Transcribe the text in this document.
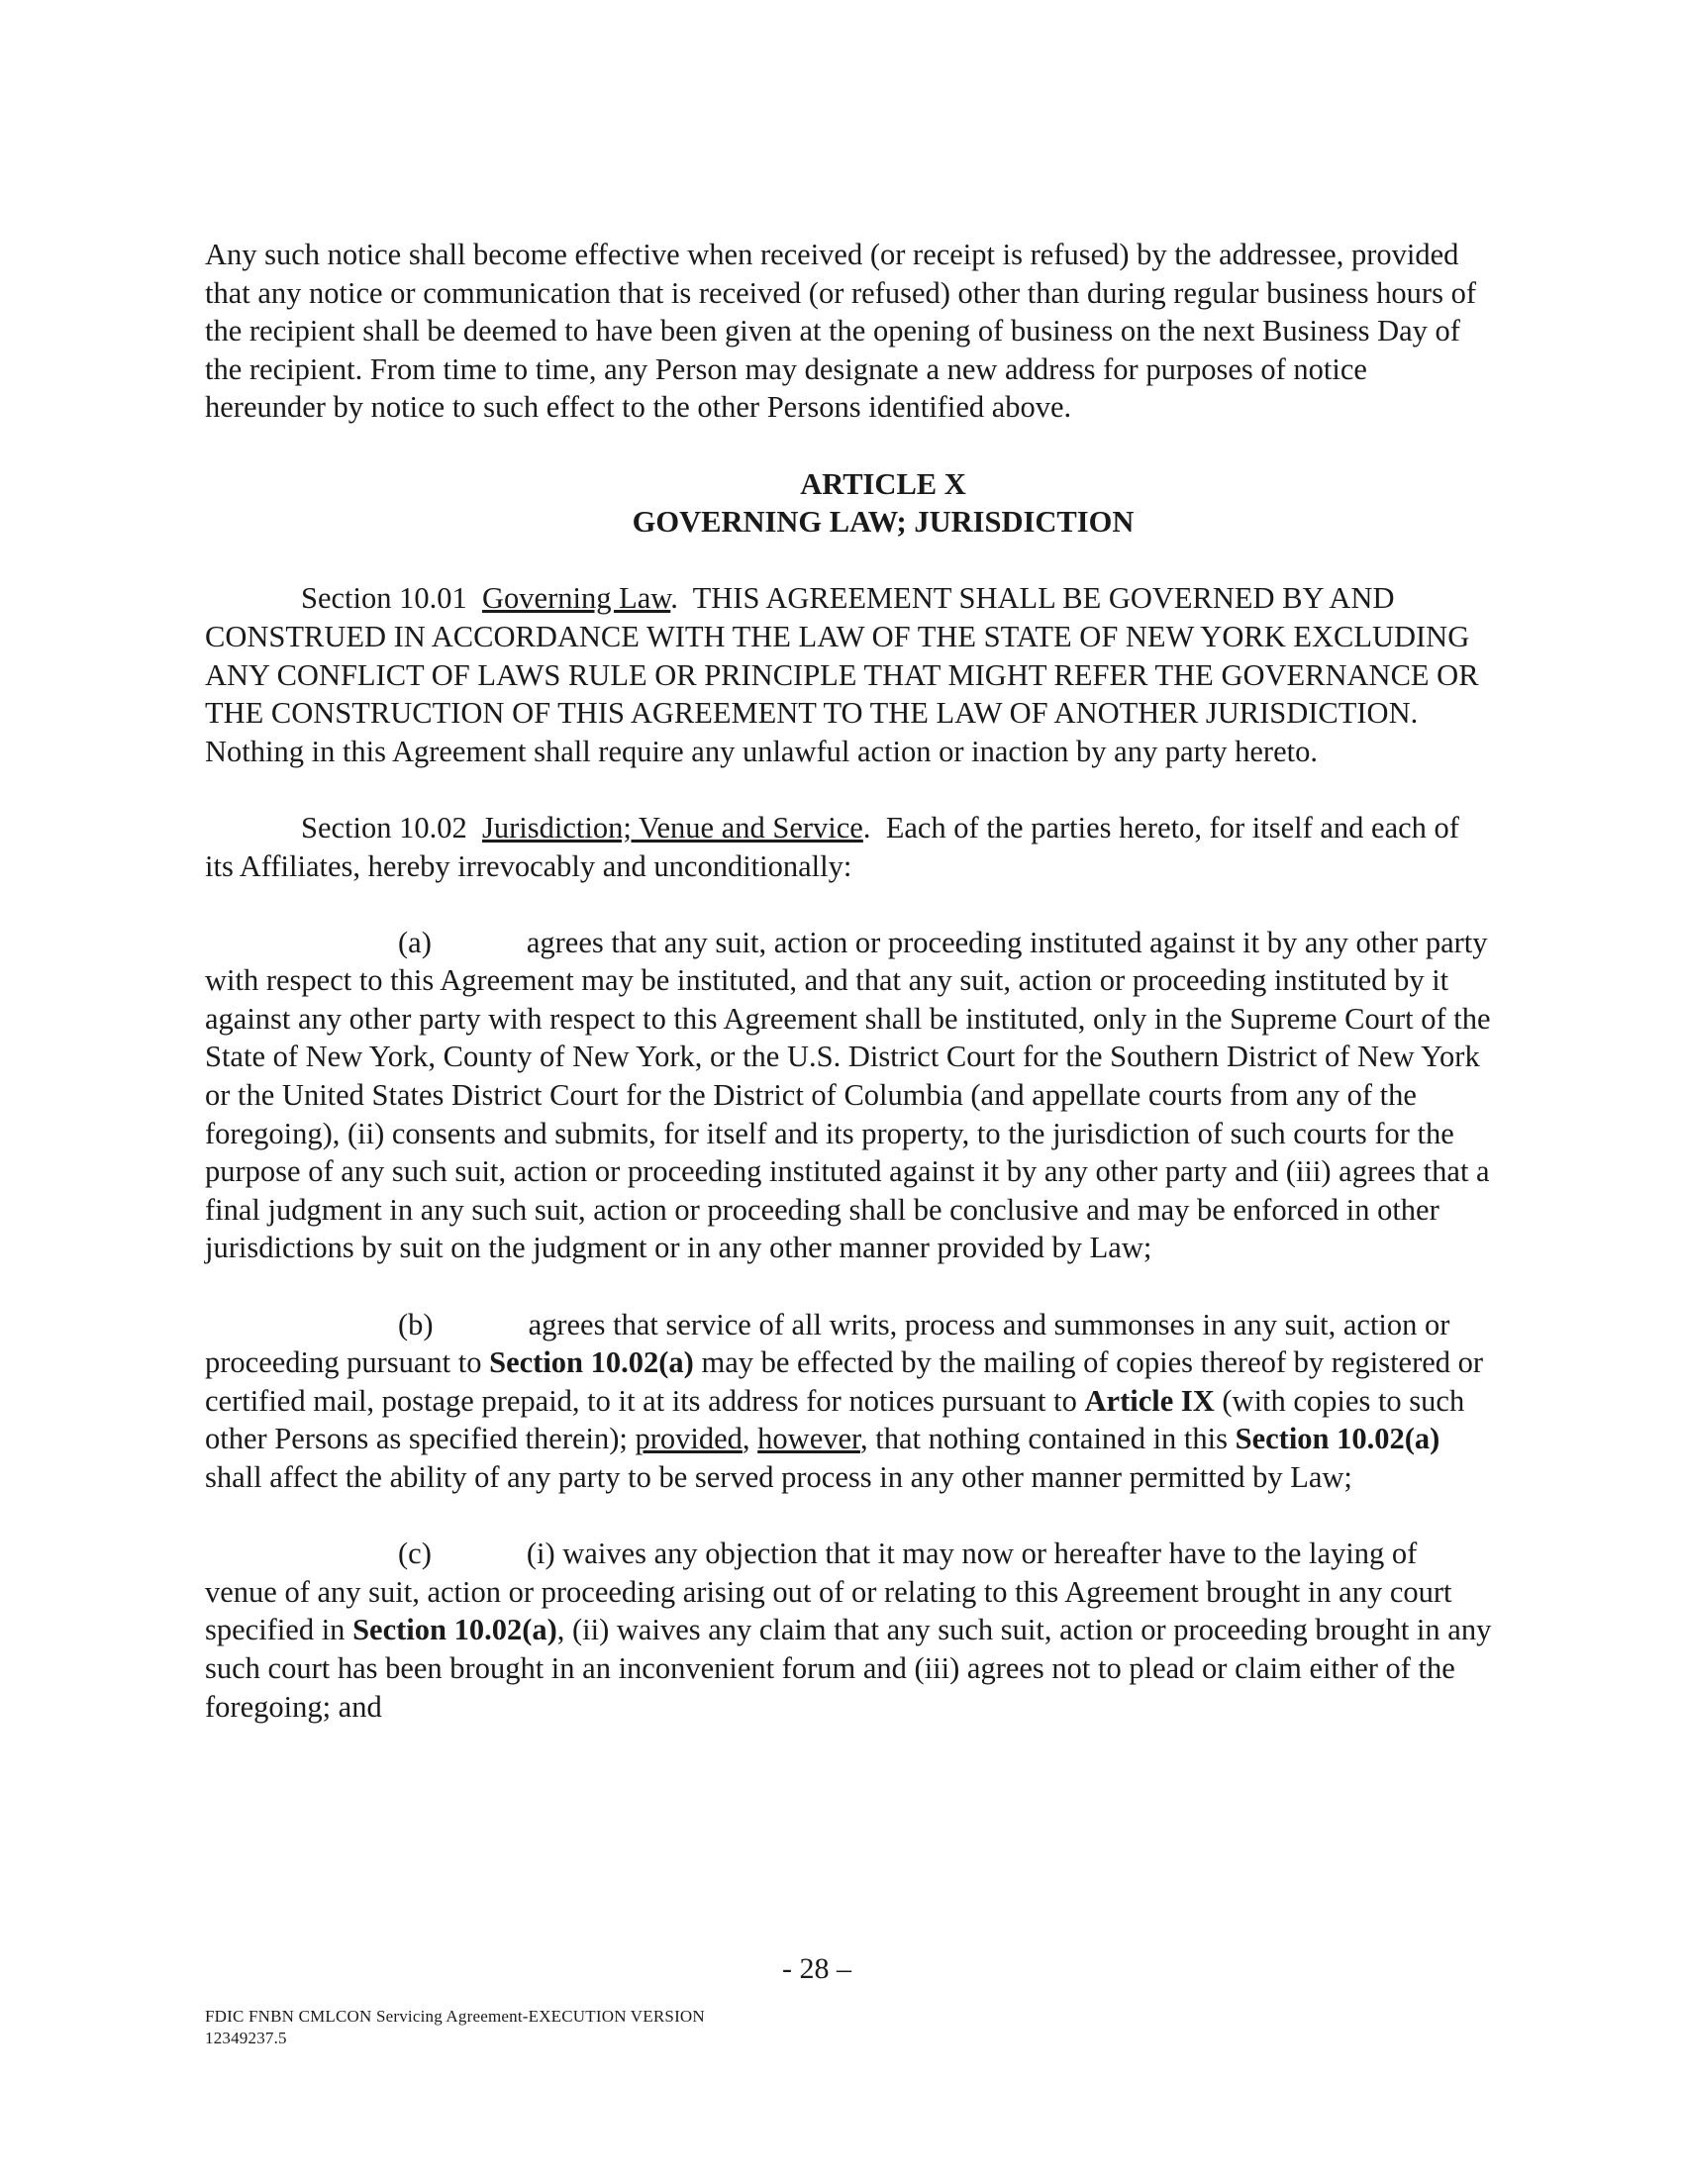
Any such notice shall become effective when received (or receipt is refused) by the addressee, provided that any notice or communication that is received (or refused) other than during regular business hours of the recipient shall be deemed to have been given at the opening of business on the next Business Day of the recipient. From time to time, any Person may designate a new address for purposes of notice hereunder by notice to such effect to the other Persons identified above.

ARTICLE X

GOVERNING LAW; JURISDICTION

Section 10.01 Governing Law.  THIS AGREEMENT SHALL BE GOVERNED BY AND CONSTRUED IN ACCORDANCE WITH THE LAW OF THE STATE OF NEW YORK EXCLUDING ANY CONFLICT OF LAWS RULE OR PRINCIPLE THAT MIGHT REFER THE GOVERNANCE OR THE CONSTRUCTION OF THIS AGREEMENT TO THE LAW OF ANOTHER JURISDICTION. Nothing in this Agreement shall require any unlawful action or inaction by any party hereto.

Section 10.02 Jurisdiction; Venue and Service.  Each of the parties hereto, for itself and each of its Affiliates, hereby irrevocably and unconditionally:

(a)	agrees that any suit, action or proceeding instituted against it by any other party with respect to this Agreement may be instituted, and that any suit, action or proceeding instituted by it against any other party with respect to this Agreement shall be instituted, only in the Supreme Court of the State of New York, County of New York, or the U.S. District Court for the Southern District of New York or the United States District Court for the District of Columbia (and appellate courts from any of the foregoing), (ii) consents and submits, for itself and its property, to the jurisdiction of such courts for the purpose of any such suit, action or proceeding instituted against it by any other party and (iii) agrees that a final judgment in any such suit, action or proceeding shall be conclusive and may be enforced in other jurisdictions by suit on the judgment or in any other manner provided by Law;

(b)	agrees that service of all writs, process and summonses in any suit, action or proceeding pursuant to Section 10.02(a) may be effected by the mailing of copies thereof by registered or certified mail, postage prepaid, to it at its address for notices pursuant to Article IX (with copies to such other Persons as specified therein); provided, however, that nothing contained in this Section 10.02(a) shall affect the ability of any party to be served process in any other manner permitted by Law;

(c)	(i) waives any objection that it may now or hereafter have to the laying of venue of any suit, action or proceeding arising out of or relating to this Agreement brought in any court specified in Section 10.02(a), (ii) waives any claim that any such suit, action or proceeding brought in any such court has been brought in an inconvenient forum and (iii) agrees not to plead or claim either of the foregoing; and

- 28 –
FDIC FNBN CMLCON Servicing Agreement-EXECUTION VERSION
12349237.5
